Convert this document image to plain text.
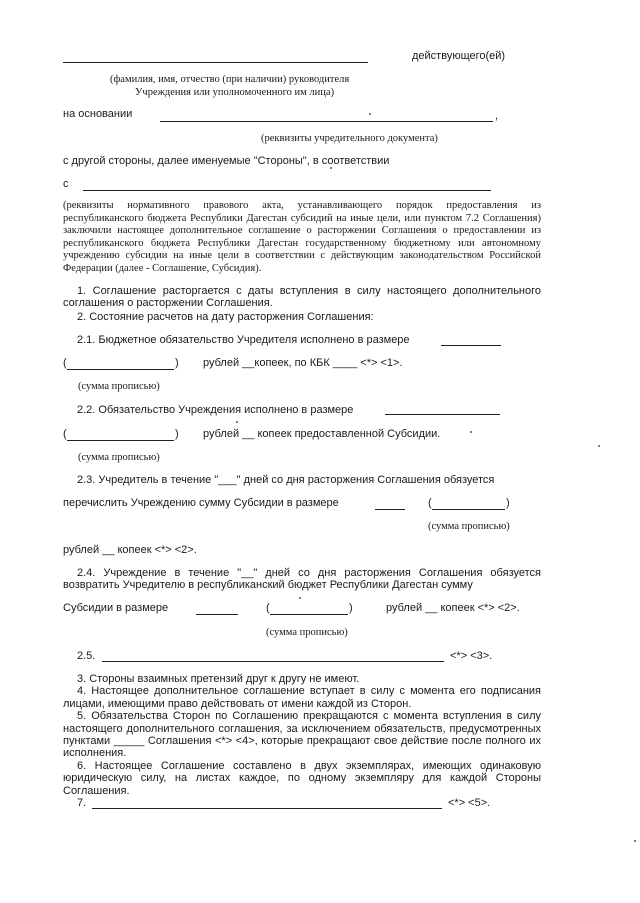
действующего(ей)
(фамилия, имя, отчество (при наличии) руководителя
Учреждения или уполномоченного им лица)
на основании	,
(реквизиты учредительного документа)
с другой стороны, далее именуемые "Стороны", в соответствии
с
(реквизиты нормативного правового акта, устанавливающего порядок предоставления из республиканского бюджета Республики Дагестан субсидий на иные цели, или пунктом 7.2 Соглашения) заключили настоящее дополнительное соглашение о расторжении Соглашения о предоставлении из республиканского бюджета Республики Дагестан государственному бюджетному или автономному учреждению субсидии на иные цели в соответствии с действующим законодательством Российской Федерации (далее - Соглашение, Субсидия).

1. Соглашение расторгается с даты вступления в силу настоящего дополнительного соглашения о расторжении Соглашения.

2. Состояние расчетов на дату расторжения Соглашения:
2.1. Бюджетное обязательство Учредителя исполнено в размере
(	) рублей __копеек, по КБК ____ <*> <1>.
(сумма прописью)
2.2. Обязательство Учреждения исполнено в размере
(	) рублей __ копеек предоставленной Субсидии.
(сумма прописью)
2.3. Учредитель в течение "___" дней со дня расторжения Соглашения обязуется
перечислить Учреждению сумму Субсидии в размере	(	)
(сумма прописью)
рублей __ копеек <*> <2>.

2.4. Учреждение в течение "__" дней со дня расторжения Соглашения обязуется возвратить Учредителю в республиканский бюджет Республики Дагестан сумму

Субсидии в размере	(	)	рублей __ копеек <*> <2>.
(сумма прописью)
2.5.	<*> <3>.

3. Стороны взаимных претензий друг к другу не имеют.

4. Настоящее дополнительное соглашение вступает в силу с момента его подписания лицами, имеющими право действовать от имени каждой из Сторон.

5. Обязательства Сторон по Соглашению прекращаются с момента вступления в силу настоящего дополнительного соглашения, за исключением обязательств, предусмотренных пунктами _____ Соглашения <*> <4>, которые прекращают свое действие после полного их исполнения.

6. Настоящее Соглашение составлено в двух экземплярах, имеющих одинаковую юридическую силу, на листах каждое, по одному экземпляру для каждой Стороны Соглашения.

7.	<*> <5>.
